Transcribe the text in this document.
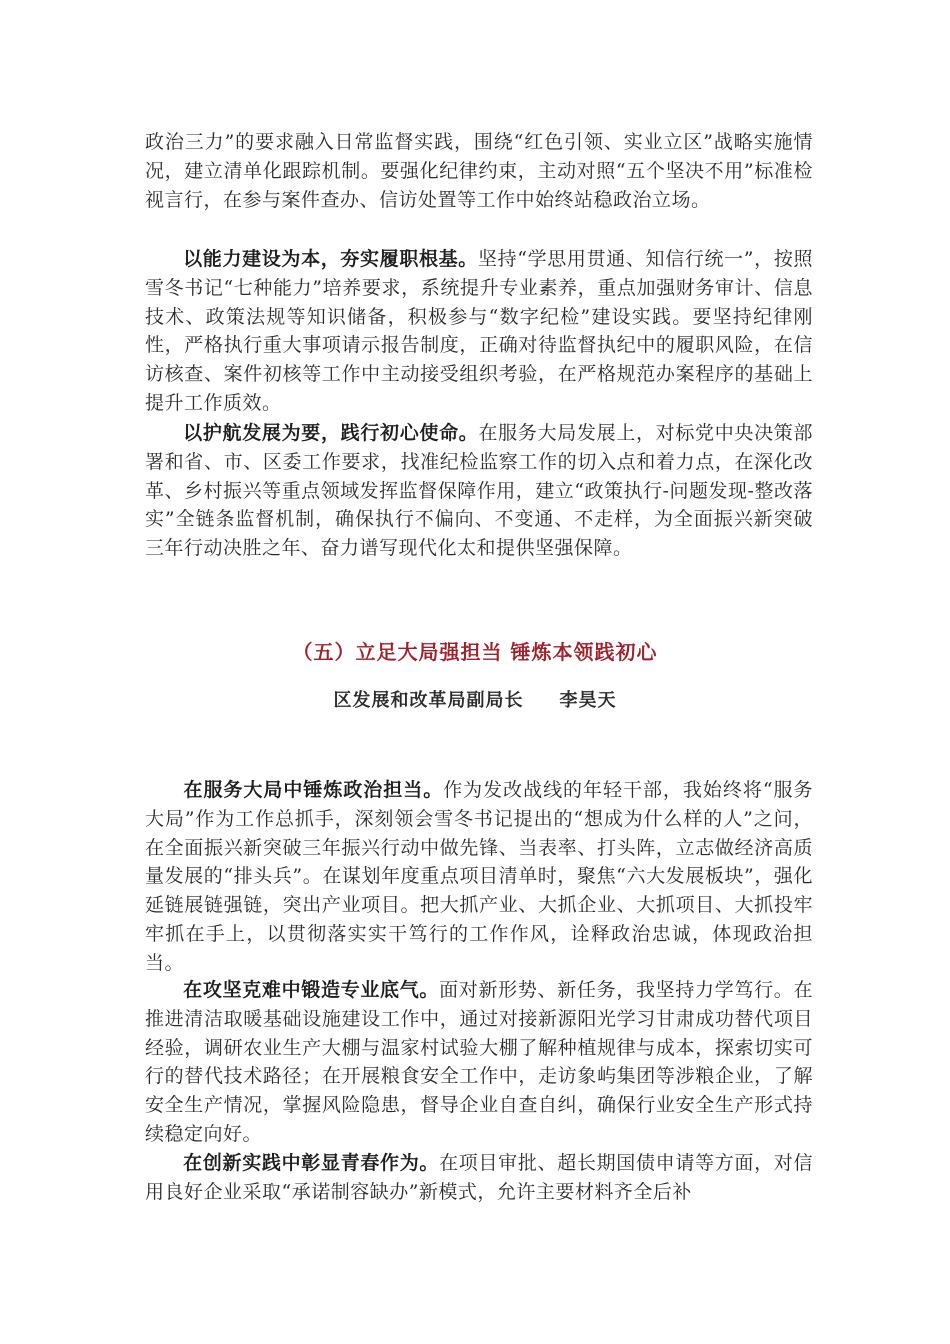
政治三力”的要求融入日常监督实践，围绕“红色引领、实业立区”战略实施情况，建立清单化跟踪机制。要强化纪律约束，主动对照“五个坚决不用”标准检视言行，在参与案件查办、信访处置等工作中始终站稳政治立场。

以能力建设为本，夯实履职根基。坚持“学思用贯通、知信行统一”，按照雪冬书记“七种能力”培养要求，系统提升专业素养，重点加强财务审计、信息技术、政策法规等知识储备，积极参与“数字纪检”建设实践。要坚持纪律刚性，严格执行重大事项请示报告制度，正确对待监督执纪中的履职风险，在信访核查、案件初核等工作中主动接受组织考验，在严格规范办案程序的基础上提升工作质效。

以护航发展为要，践行初心使命。在服务大局发展上，对标党中央决策部署和省、市、区委工作要求，找准纪检监察工作的切入点和着力点，在深化改革、乡村振兴等重点领域发挥监督保障作用，建立“政策执行-问题发现-整改落实”全链条监督机制，确保执行不偏向、不变通、不走样，为全面振兴新突破三年行动决胜之年、奋力谱写现代化太和提供坚强保障。

（五）立足大局强担当 锤炼本领践初心

区发展和改革局副局长 李昊天

在服务大局中锤炼政治担当。作为发改战线的年轻干部，我始终将“服务大局”作为工作总抓手，深刻领会雪冬书记提出的“想成为什么样的人”之问，在全面振兴新突破三年振兴行动中做先锋、当表率、打头阵，立志做经济高质量发展的“排头兵”。在谋划年度重点项目清单时，聚焦“六大发展板块”，强化延链展链强链，突出产业项目。把大抓产业、大抓企业、大抓项目、大抓投牢牢抓在手上，以贯彻落实实干笃行的工作作风，诠释政治忠诚，体现政治担当。

在攻坚克难中锻造专业底气。面对新形势、新任务，我坚持力学笃行。在推进清洁取暖基础设施建设工作中，通过对接新源阳光学习甘肃成功替代项目经验，调研农业生产大棚与温家村试验大棚了解种植规律与成本，探索切实可行的替代技术路径；在开展粮食安全工作中，走访象屿集团等涉粮企业，了解安全生产情况，掌握风险隐患，督导企业自查自纠，确保行业安全生产形式持续稳定向好。

在创新实践中彰显青春作为。在项目审批、超长期国债申请等方面，对信用良好企业采取“承诺制容缺办”新模式，允许主要材料齐全后补
